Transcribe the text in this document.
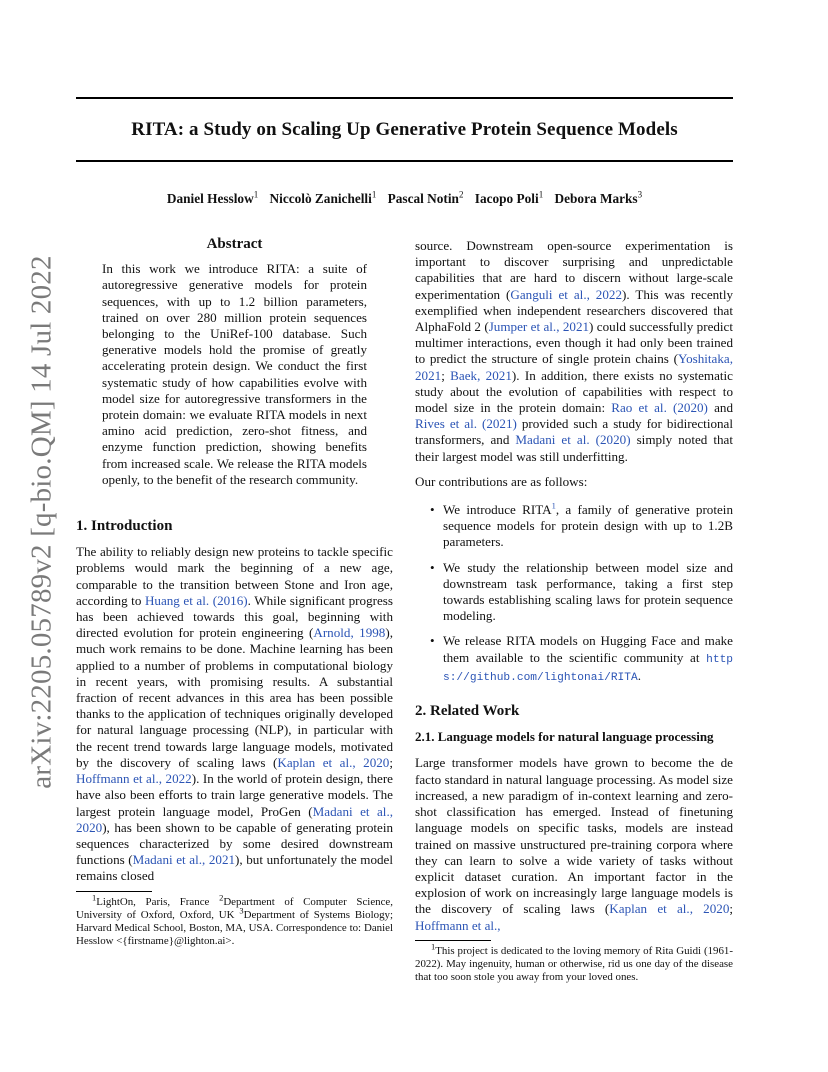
RITA: a Study on Scaling Up Generative Protein Sequence Models
Daniel Hesslow$^1$ Niccolò Zanichelli$^1$ Pascal Notin$^2$ Iacopo Poli$^1$ Debora Marks$^3$
arXiv:2205.05789v2 [q-bio.QM] 14 Jul 2022
Abstract
In this work we introduce RITA: a suite of autoregressive generative models for protein sequences, with up to 1.2 billion parameters, trained on over 280 million protein sequences belonging to the UniRef-100 database. Such generative models hold the promise of greatly accelerating protein design. We conduct the first systematic study of how capabilities evolve with model size for autoregressive transformers in the protein domain: we evaluate RITA models in next amino acid prediction, zero-shot fitness, and enzyme function prediction, showing benefits from increased scale. We release the RITA models openly, to the benefit of the research community.
1. Introduction
The ability to reliably design new proteins to tackle specific problems would mark the beginning of a new age, comparable to the transition between Stone and Iron age, according to Huang et al. (2016). While significant progress has been achieved towards this goal, beginning with directed evolution for protein engineering (Arnold, 1998), much work remains to be done. Machine learning has been applied to a number of problems in computational biology in recent years, with promising results. A substantial fraction of recent advances in this area has been possible thanks to the application of techniques originally developed for natural language processing (NLP), in particular with the recent trend towards large language models, motivated by the discovery of scaling laws (Kaplan et al., 2020; Hoffmann et al., 2022). In the world of protein design, there have also been efforts to train large generative models. The largest protein language model, ProGen (Madani et al., 2020), has been shown to be capable of generating protein sequences characterized by some desired downstream functions (Madani et al., 2021), but unfortunately the model remains closed
$^1$LightOn, Paris, France $^2$Department of Computer Science, University of Oxford, Oxford, UK $^3$Department of Systems Biology; Harvard Medical School, Boston, MA, USA. Correspondence to: Daniel Hesslow <{firstname}@lighton.ai>.
source. Downstream open-source experimentation is important to discover surprising and unpredictable capabilities that are hard to discern without large-scale experimentation (Ganguli et al., 2022). This was recently exemplified when independent researchers discovered that AlphaFold 2 (Jumper et al., 2021) could successfully predict multimer interactions, even though it had only been trained to predict the structure of single protein chains (Yoshitaka, 2021; Baek, 2021). In addition, there exists no systematic study about the evolution of capabilities with respect to model size in the protein domain: Rao et al. (2020) and Rives et al. (2021) provided such a study for bidirectional transformers, and Madani et al. (2020) simply noted that their largest model was still underfitting.
Our contributions are as follows:
• We introduce RITA$^1$, a family of generative protein sequence models for protein design with up to 1.2B parameters.
• We study the relationship between model size and downstream task performance, taking a first step towards establishing scaling laws for protein sequence modeling.
• We release RITA models on Hugging Face and make them available to the scientific community at https://github.com/lightonai/RITA.
2. Related Work
2.1. Language models for natural language processing
Large transformer models have grown to become the de facto standard in natural language processing. As model size increased, a new paradigm of in-context learning and zero-shot classification has emerged. Instead of finetuning language models on specific tasks, models are instead trained on massive unstructured pre-training corpora where they can learn to solve a wide variety of tasks without explicit dataset curation. An important factor in the explosion of work on increasingly large language models is the discovery of scaling laws (Kaplan et al., 2020; Hoffmann et al.,
$^1$This project is dedicated to the loving memory of Rita Guidi (1961-2022). May ingenuity, human or otherwise, rid us one day of the disease that too soon stole you away from your loved ones.
